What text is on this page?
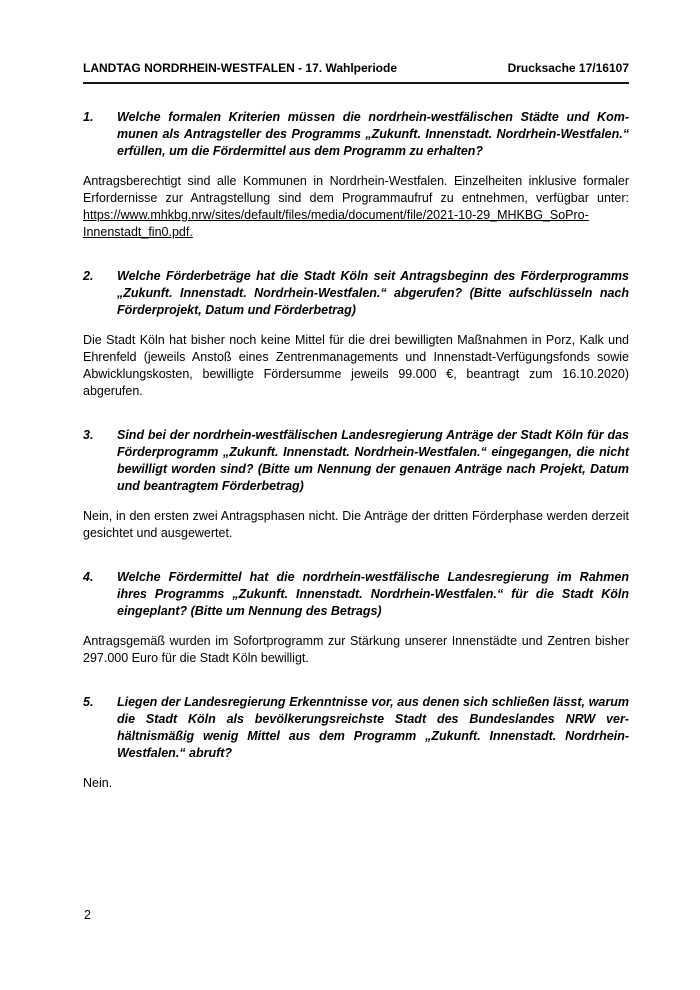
LANDTAG NORDRHEIN-WESTFALEN - 17. Wahlperiode	Drucksache 17/16107
1. Welche formalen Kriterien müssen die nordrhein-westfälischen Städte und Kommunen als Antragsteller des Programms „Zukunft. Innenstadt. Nordrhein-Westfalen.“ erfüllen, um die Fördermittel aus dem Programm zu erhalten?

Antragsberechtigt sind alle Kommunen in Nordrhein-Westfalen. Einzelheiten inklusive formaler Erfordernisse zur Antragstellung sind dem Programmaufruf zu entnehmen, verfügbar unter: https://www.mhkbg.nrw/sites/default/files/media/document/file/2021-10-29_MHKBG_SoPro-Innenstadt_fin0.pdf.

2. Welche Förderbeträge hat die Stadt Köln seit Antragsbeginn des Förderprogramms „Zukunft. Innenstadt. Nordrhein-Westfalen.“ abgerufen? (Bitte aufschlüsseln nach Förderprojekt, Datum und Förderbetrag)

Die Stadt Köln hat bisher noch keine Mittel für die drei bewilligten Maßnahmen in Porz, Kalk und Ehrenfeld (jeweils Anstoß eines Zentrenmanagements und Innenstadt-Verfügungsfonds sowie Abwicklungskosten, bewilligte Fördersumme jeweils 99.000 €, beantragt zum 16.10.2020) abgerufen.

3. Sind bei der nordrhein-westfälischen Landesregierung Anträge der Stadt Köln für das Förderprogramm „Zukunft. Innenstadt. Nordrhein-Westfalen.“ eingegangen, die nicht bewilligt worden sind? (Bitte um Nennung der genauen Anträge nach Projekt, Datum und beantragtem Förderbetrag)

Nein, in den ersten zwei Antragsphasen nicht. Die Anträge der dritten Förderphase werden derzeit gesichtet und ausgewertet.

4. Welche Fördermittel hat die nordrhein-westfälische Landesregierung im Rahmen ihres Programms „Zukunft. Innenstadt. Nordrhein-Westfalen.“ für die Stadt Köln eingeplant? (Bitte um Nennung des Betrags)

Antragsgemäß wurden im Sofortprogramm zur Stärkung unserer Innenstädte und Zentren bisher 297.000 Euro für die Stadt Köln bewilligt.

5. Liegen der Landesregierung Erkenntnisse vor, aus denen sich schließen lässt, warum die Stadt Köln als bevölkerungsreichste Stadt des Bundeslandes NRW verhältnismäßig wenig Mittel aus dem Programm „Zukunft. Innenstadt. Nordrhein-Westfalen.“ abruft?

Nein.

2
